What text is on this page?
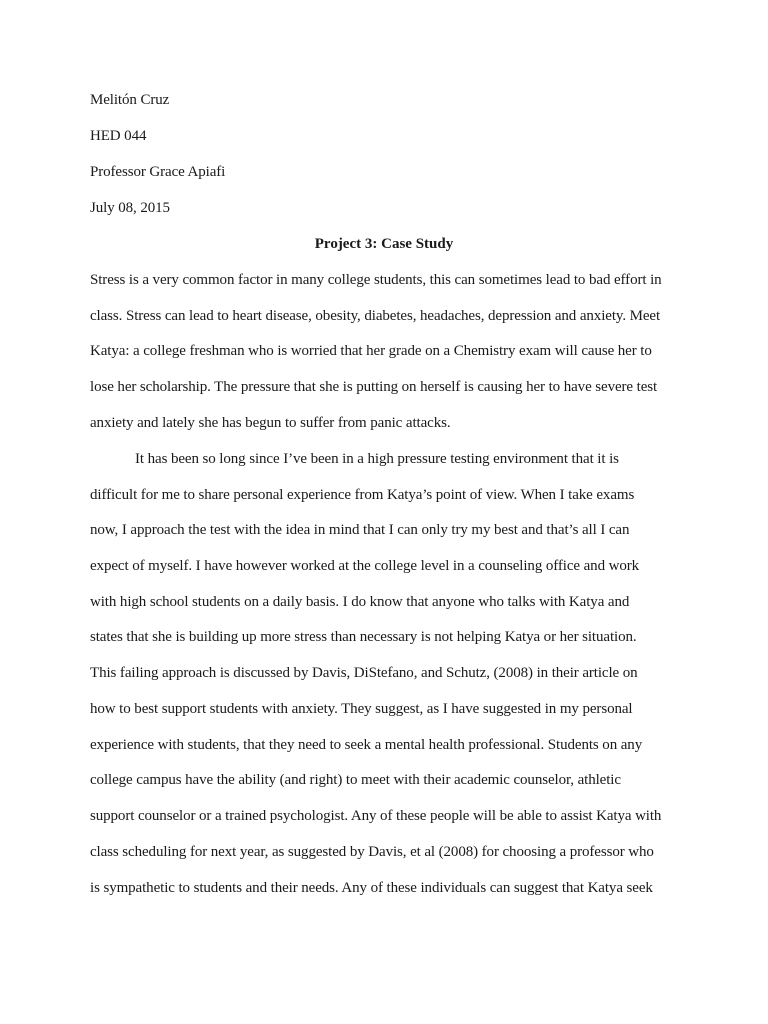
Melitón Cruz
HED 044
Professor Grace Apiafi
July 08, 2015
Project 3: Case Study
Stress is a very common factor in many college students, this can sometimes lead to bad effort in
class. Stress can lead to heart disease, obesity, diabetes, headaches, depression and anxiety. Meet
Katya: a college freshman who is worried that her grade on a Chemistry exam will cause her to
lose her scholarship. The pressure that she is putting on herself is causing her to have severe test
anxiety and lately she has begun to suffer from panic attacks.
It has been so long since I’ve been in a high pressure testing environment that it is
difficult for me to share personal experience from Katya’s point of view. When I take exams
now, I approach the test with the idea in mind that I can only try my best and that’s all I can
expect of myself. I have however worked at the college level in a counseling office and work
with high school students on a daily basis. I do know that anyone who talks with Katya and
states that she is building up more stress than necessary is not helping Katya or her situation.
This failing approach is discussed by Davis, DiStefano, and Schutz, (2008) in their article on
how to best support students with anxiety. They suggest, as I have suggested in my personal
experience with students, that they need to seek a mental health professional. Students on any
college campus have the ability (and right) to meet with their academic counselor, athletic
support counselor or a trained psychologist. Any of these people will be able to assist Katya with
class scheduling for next year, as suggested by Davis, et al (2008) for choosing a professor who
is sympathetic to students and their needs. Any of these individuals can suggest that Katya seek
